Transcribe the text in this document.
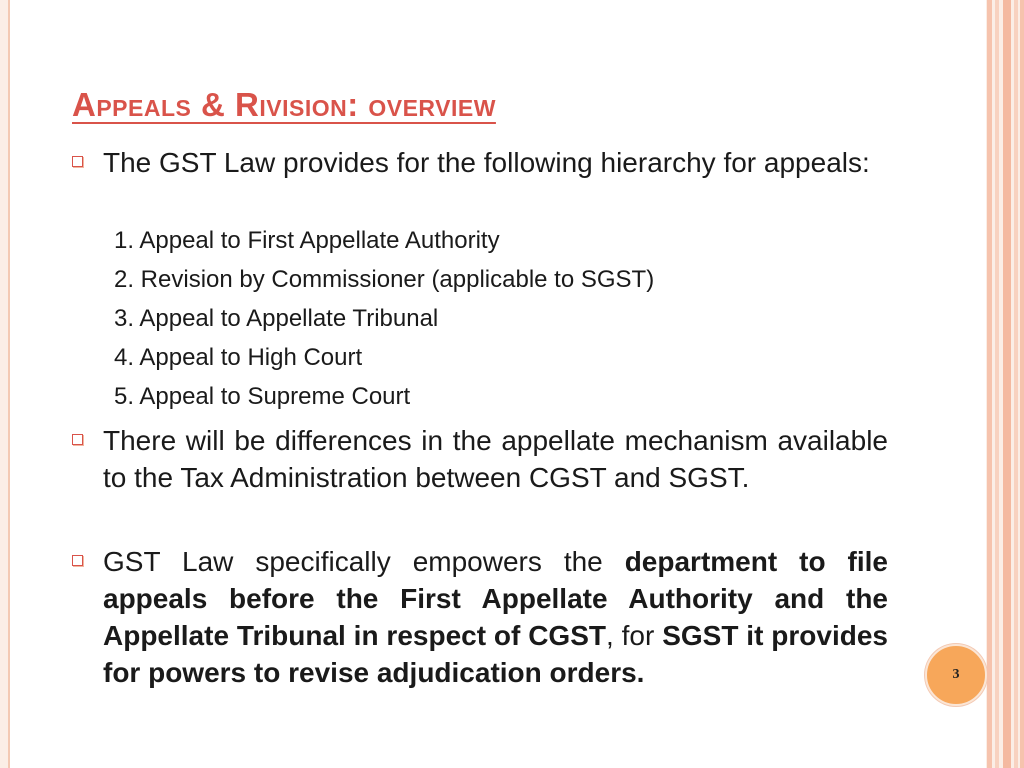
Appeals & Rivision: overview
The GST Law provides for the following hierarchy for appeals:
1. Appeal to First Appellate Authority
2. Revision by Commissioner (applicable to SGST)
3. Appeal to Appellate Tribunal
4. Appeal to High Court
5. Appeal to Supreme Court
There will be differences in the appellate mechanism available to the Tax Administration between CGST and SGST.
GST Law specifically empowers the department to file appeals before the First Appellate Authority and the Appellate Tribunal in respect of CGST, for SGST it provides for powers to revise adjudication orders.	3
